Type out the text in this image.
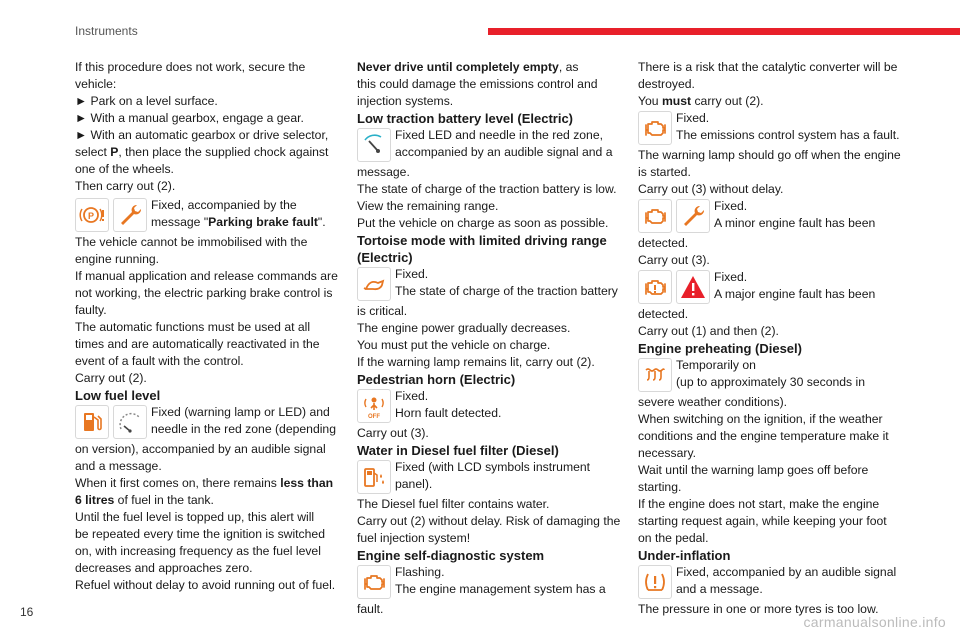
Instruments

If this procedure does not work, secure the

vehicle:

► Park on a level surface.

► With a manual gearbox, engage a gear.

► With an automatic gearbox or drive selector,

select P, then place the supplied chock against

one of the wheels.

Then carry out (2).

P

Fixed, accompanied by the

message "Parking brake fault".

The vehicle cannot be immobilised with the

engine running.

If manual application and release commands are

not working, the electric parking brake control is

faulty.

The automatic functions must be used at all

times and are automatically reactivated in the

event of a fault with the control.

Carry out (2).

Low fuel level

Fixed (warning lamp or LED) and

needle in the red zone (depending

on version), accompanied by an audible signal

and a message.

When it first comes on, there remains less than

6 litres of fuel in the tank.

Until the fuel level is topped up, this alert will

be repeated every time the ignition is switched

on, with increasing frequency as the fuel level

decreases and approaches zero.

Refuel without delay to avoid running out of fuel.

Never drive until completely empty, as

this could damage the emissions control and

injection systems.

Low traction battery level (Electric)

Fixed LED and needle in the red zone,

accompanied by an audible signal and a

message.

The state of charge of the traction battery is low.

View the remaining range.

Put the vehicle on charge as soon as possible.

Tortoise mode with limited driving range

(Electric)

Fixed.

The state of charge of the traction battery

is critical.

The engine power gradually decreases.

You must put the vehicle on charge.

If the warning lamp remains lit, carry out (2).

Pedestrian horn (Electric)

OFF

Fixed.

Horn fault detected.

Carry out (3).

Water in Diesel fuel filter (Diesel)

Fixed (with LCD symbols instrument

panel).

The Diesel fuel filter contains water.

Carry out (2) without delay. Risk of damaging the

fuel injection system!

Engine self-diagnostic system

Flashing.

The engine management system has a

fault.

There is a risk that the catalytic converter will be

destroyed.

You must carry out (2).

Fixed.

The emissions control system has a fault.

The warning lamp should go off when the engine

is started.

Carry out (3) without delay.

Fixed.

A minor engine fault has been

detected.

Carry out (3).

Fixed.

A major engine fault has been

detected.

Carry out (1) and then (2).

Engine preheating (Diesel)

Temporarily on

(up to approximately 30 seconds in

severe weather conditions).

When switching on the ignition, if the weather

conditions and the engine temperature make it

necessary.

Wait until the warning lamp goes off before

starting.

If the engine does not start, make the engine

starting request again, while keeping your foot

on the pedal.

Under-inflation

Fixed, accompanied by an audible signal

and a message.

The pressure in one or more tyres is too low.

16
carmanualsonline.info
